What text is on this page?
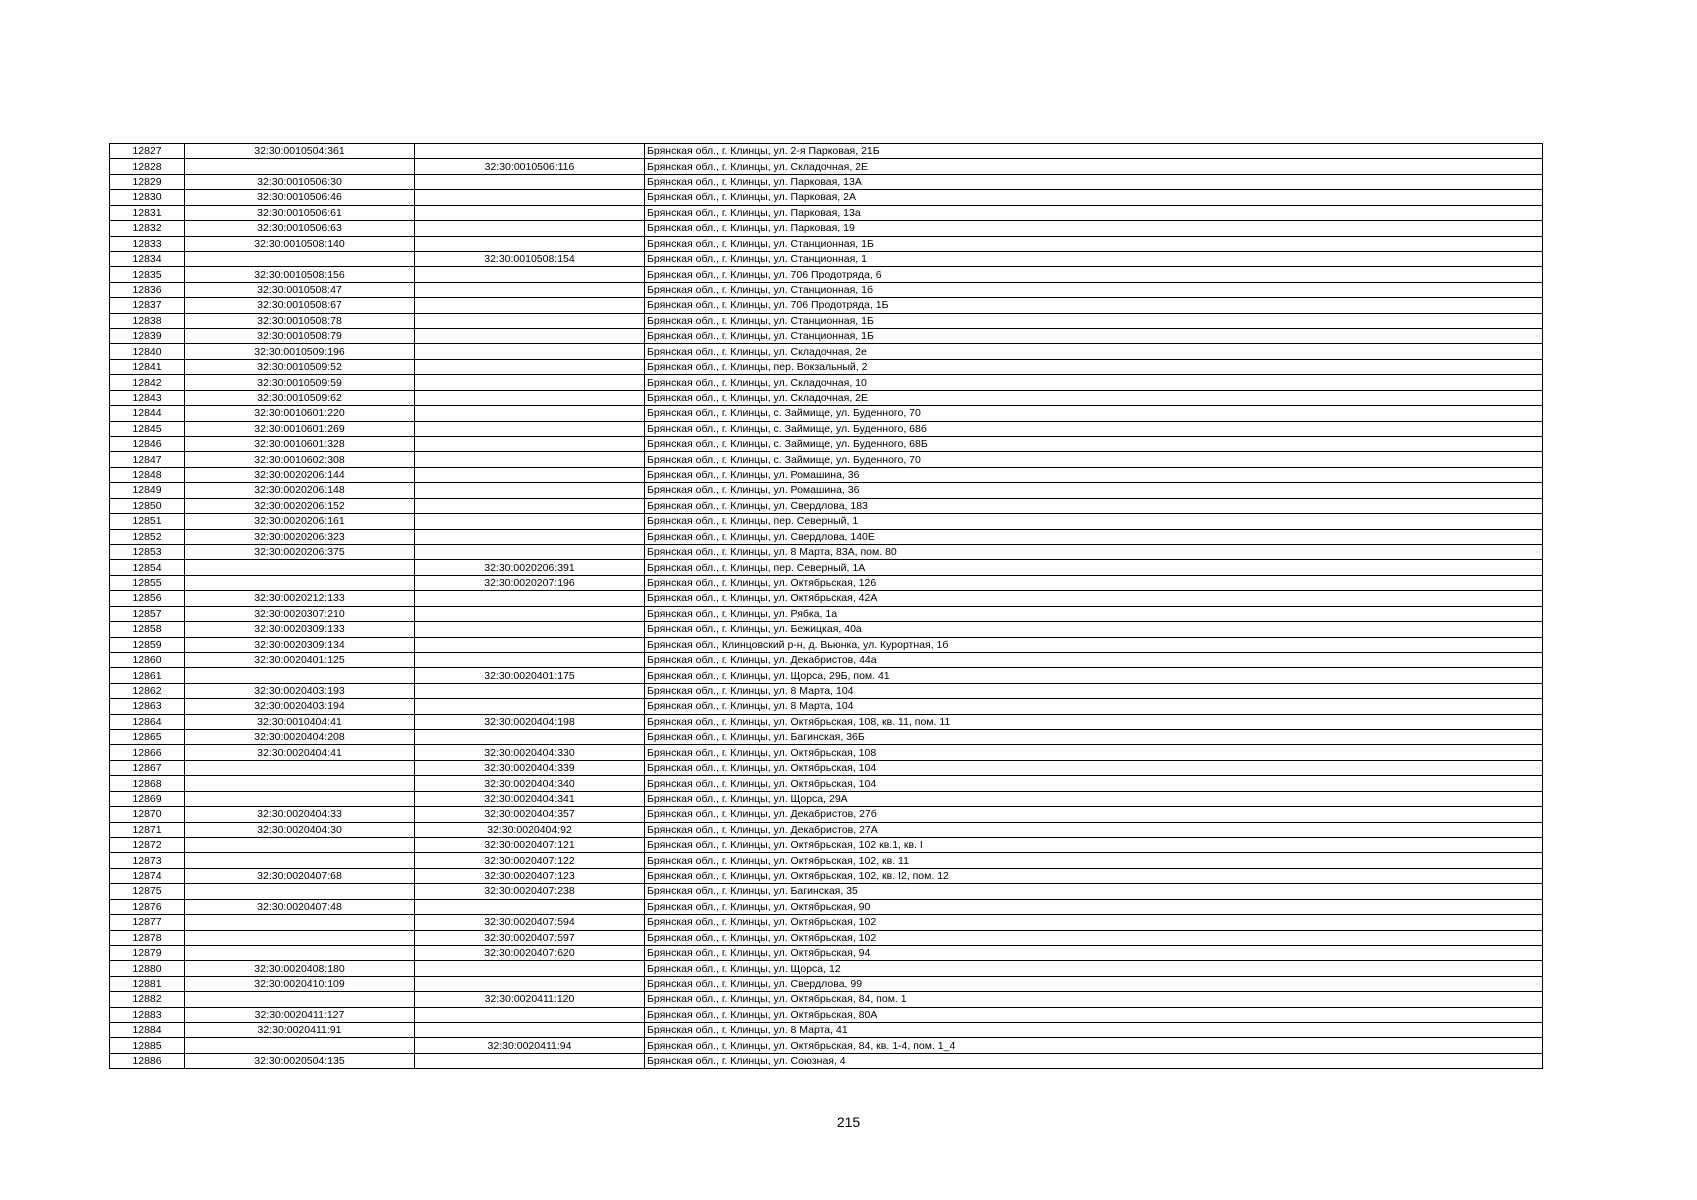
12827	32:30:0010504:361		Брянская обл., г. Клинцы, ул. 2-я Парковая, 21Б
12828		32:30:0010506:116	Брянская обл., г. Клинцы, ул. Складочная, 2Е
12829	32:30:0010506:30		Брянская обл., г. Клинцы, ул. Парковая, 13А
12830	32:30:0010506:46		Брянская обл., г. Клинцы, ул. Парковая, 2А
12831	32:30:0010506:61		Брянская обл., г. Клинцы, ул. Парковая, 13а
12832	32:30:0010506:63		Брянская обл., г. Клинцы, ул. Парковая, 19
12833	32:30:0010508:140		Брянская обл., г. Клинцы, ул. Станционная, 1Б
12834		32:30:0010508:154	Брянская обл., г. Клинцы, ул. Станционная, 1
12835	32:30:0010508:156		Брянская обл., г. Клинцы, ул. 706 Продотряда, 6
12836	32:30:0010508:47		Брянская обл., г. Клинцы, ул. Станционная, 1б
12837	32:30:0010508:67		Брянская обл., г. Клинцы, ул. 706 Продотряда, 1Б
12838	32:30:0010508:78		Брянская обл., г. Клинцы, ул. Станционная, 1Б
12839	32:30:0010508:79		Брянская обл., г. Клинцы, ул. Станционная, 1Б
12840	32:30:0010509:196		Брянская обл., г. Клинцы, ул. Складочная, 2е
12841	32:30:0010509:52		Брянская обл., г. Клинцы, пер. Вокзальный, 2
12842	32:30:0010509:59		Брянская обл., г. Клинцы, ул. Складочная, 10
12843	32:30:0010509:62		Брянская обл., г. Клинцы, ул. Складочная, 2Е
12844	32:30:0010601:220		Брянская обл., г. Клинцы, с. Займище, ул. Буденного, 70
12845	32:30:0010601:269		Брянская обл., г. Клинцы, с. Займище, ул. Буденного, 68б
12846	32:30:0010601:328		Брянская обл., г. Клинцы, с. Займище, ул. Буденного, 68Б
12847	32:30:0010602:308		Брянская обл., г. Клинцы, с. Займище, ул. Буденного, 70
12848	32:30:0020206:144		Брянская обл., г. Клинцы, ул. Ромашина, 36
12849	32:30:0020206:148		Брянская обл., г. Клинцы, ул. Ромашина, 36
12850	32:30:0020206:152		Брянская обл., г. Клинцы, ул. Свердлова, 183
12851	32:30:0020206:161		Брянская обл., г. Клинцы, пер. Северный, 1
12852	32:30:0020206:323		Брянская обл., г. Клинцы, ул. Свердлова, 140Е
12853	32:30:0020206:375		Брянская обл., г. Клинцы, ул. 8 Марта, 83А, пом. 80
12854		32:30:0020206:391	Брянская обл., г. Клинцы, пер. Северный, 1А
12855		32:30:0020207:196	Брянская обл., г. Клинцы, ул. Октябрьская, 126
12856	32:30:0020212:133		Брянская обл., г. Клинцы, ул. Октябрьская, 42А
12857	32:30:0020307:210		Брянская обл., г. Клинцы, ул. Рябка, 1а
12858	32:30:0020309:133		Брянская обл., г. Клинцы, ул. Бежицкая, 40а
12859	32:30:0020309:134		Брянская обл., Клинцовский р-н, д. Вьюнка, ул. Курортная, 1б
12860	32:30:0020401:125		Брянская обл., г. Клинцы, ул. Декабристов, 44а
12861		32:30:0020401:175	Брянская обл., г. Клинцы, ул. Щорса, 29Б, пом. 41
12862	32:30:0020403:193		Брянская обл., г. Клинцы, ул. 8 Марта, 104
12863	32:30:0020403:194		Брянская обл., г. Клинцы, ул. 8 Марта, 104
12864	32:30:0010404:41	32:30:0020404:198	Брянская обл., г. Клинцы, ул. Октябрьская, 108, кв. 11, пом. 11
12865	32:30:0020404:208		Брянская обл., г. Клинцы, ул. Багинская, 36Б
12866	32:30:0020404:41	32:30:0020404:330	Брянская обл., г. Клинцы, ул. Октябрьская, 108
12867		32:30:0020404:339	Брянская обл., г. Клинцы, ул. Октябрьская, 104
12868		32:30:0020404:340	Брянская обл., г. Клинцы, ул. Октябрьская, 104
12869		32:30:0020404:341	Брянская обл., г. Клинцы, ул. Щорса, 29А
12870	32:30:0020404:33	32:30:0020404:357	Брянская обл., г. Клинцы, ул. Декабристов, 27б
12871	32:30:0020404:30	32:30:0020404:92	Брянская обл., г. Клинцы, ул. Декабристов, 27А
12872		32:30:0020407:121	Брянская обл., г. Клинцы, ул. Октябрьская, 102 кв.1, кв. I
12873		32:30:0020407:122	Брянская обл., г. Клинцы, ул. Октябрьская, 102, кв. 11
12874	32:30:0020407:68	32:30:0020407:123	Брянская обл., г. Клинцы, ул. Октябрьская, 102, кв. I2, пом. 12
12875		32:30:0020407:238	Брянская обл., г. Клинцы, ул. Багинская, 35
12876	32:30:0020407:48		Брянская обл., г. Клинцы, ул. Октябрьская, 90
12877		32:30:0020407:594	Брянская обл., г. Клинцы, ул. Октябрьская, 102
12878		32:30:0020407:597	Брянская обл., г. Клинцы, ул. Октябрьская, 102
12879		32:30:0020407:620	Брянская обл., г. Клинцы, ул. Октябрьская, 94
12880	32:30:0020408:180		Брянская обл., г. Клинцы, ул. Щорса, 12
12881	32:30:0020410:109		Брянская обл., г. Клинцы, ул. Свердлова, 99
12882		32:30:0020411:120	Брянская обл., г. Клинцы, ул. Октябрьская, 84, пом. 1
12883	32:30:0020411:127		Брянская обл., г. Клинцы, ул. Октябрьская, 80А
12884	32:30:0020411:91		Брянская обл., г. Клинцы, ул. 8 Марта, 41
12885		32:30:0020411:94	Брянская обл., г. Клинцы, ул. Октябрьская, 84, кв. 1-4, пом. 1_4
12886	32:30:0020504:135		Брянская обл., г. Клинцы, ул. Союзная, 4
215
